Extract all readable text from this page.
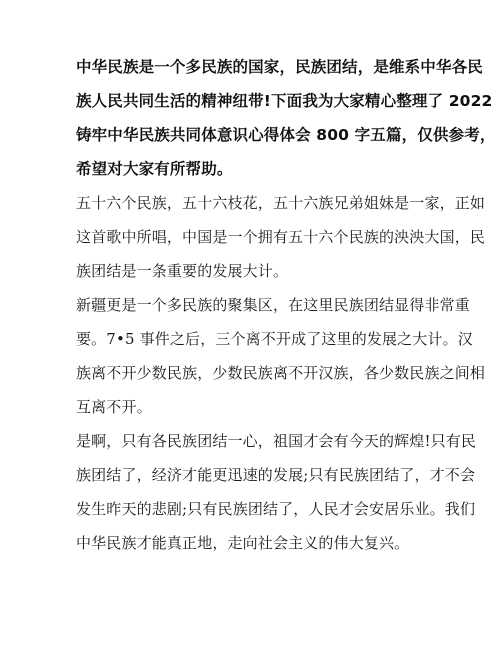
中华民族是一个多民族的国家，民族团结，是维系中华各民
族人民共同生活的精神纽带!下面我为大家精心整理了 2022
铸牢中华民族共同体意识心得体会 800 字五篇，仅供参考，
希望对大家有所帮助。
五十六个民族，五十六枝花，五十六族兄弟姐妹是一家，正如
这首歌中所唱，中国是一个拥有五十六个民族的泱泱大国，民
族团结是一条重要的发展大计。
新疆更是一个多民族的聚集区，在这里民族团结显得非常重
要。7•5 事件之后，三个离不开成了这里的发展之大计。汉
族离不开少数民族，少数民族离不开汉族，各少数民族之间相
互离不开。
是啊，只有各民族团结一心，祖国才会有今天的辉煌!只有民
族团结了，经济才能更迅速的发展;只有民族团结了，才不会
发生昨天的悲剧;只有民族团结了，人民才会安居乐业。我们
中华民族才能真正地，走向社会主义的伟大复兴。
